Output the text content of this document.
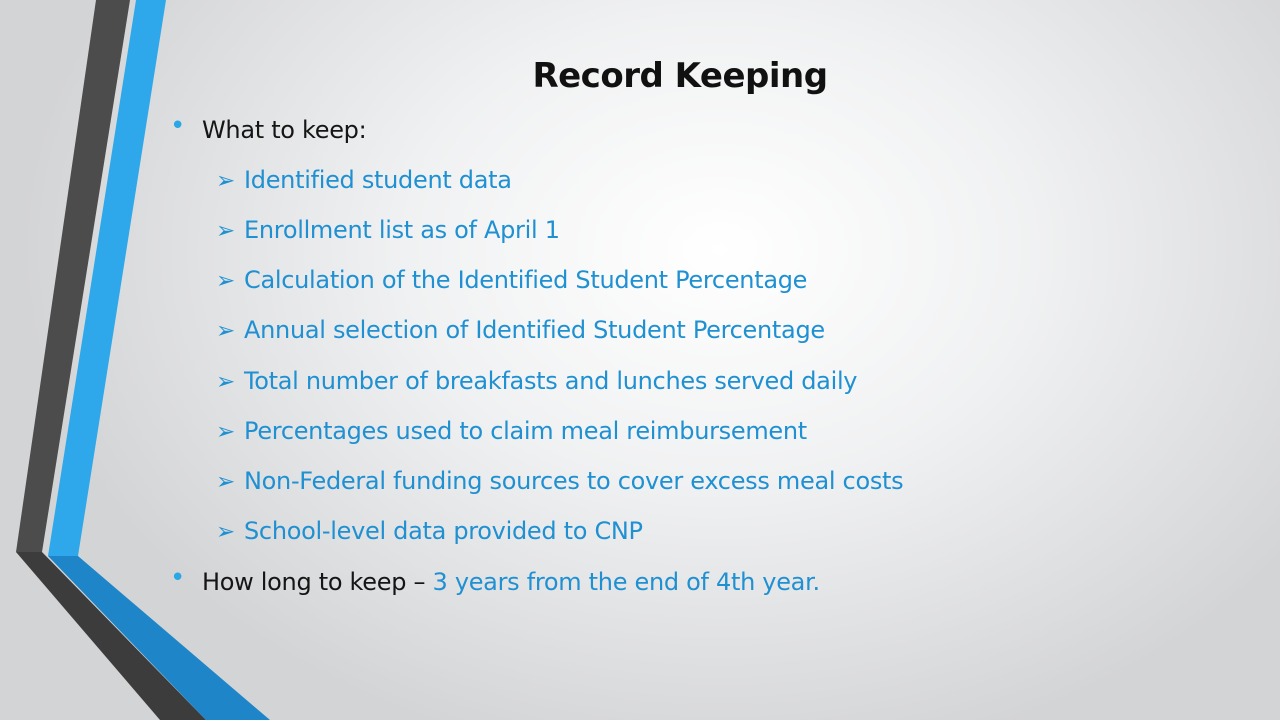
Record Keeping
• What to keep:
➢ Identified student data
➢ Enrollment list as of April 1
➢ Calculation of the Identified Student Percentage
➢ Annual selection of Identified Student Percentage
➢ Total number of breakfasts and lunches served daily
➢ Percentages used to claim meal reimbursement
➢ Non-Federal funding sources to cover excess meal costs
➢ School-level data provided to CNP
• How long to keep – 3 years from the end of 4th year.
